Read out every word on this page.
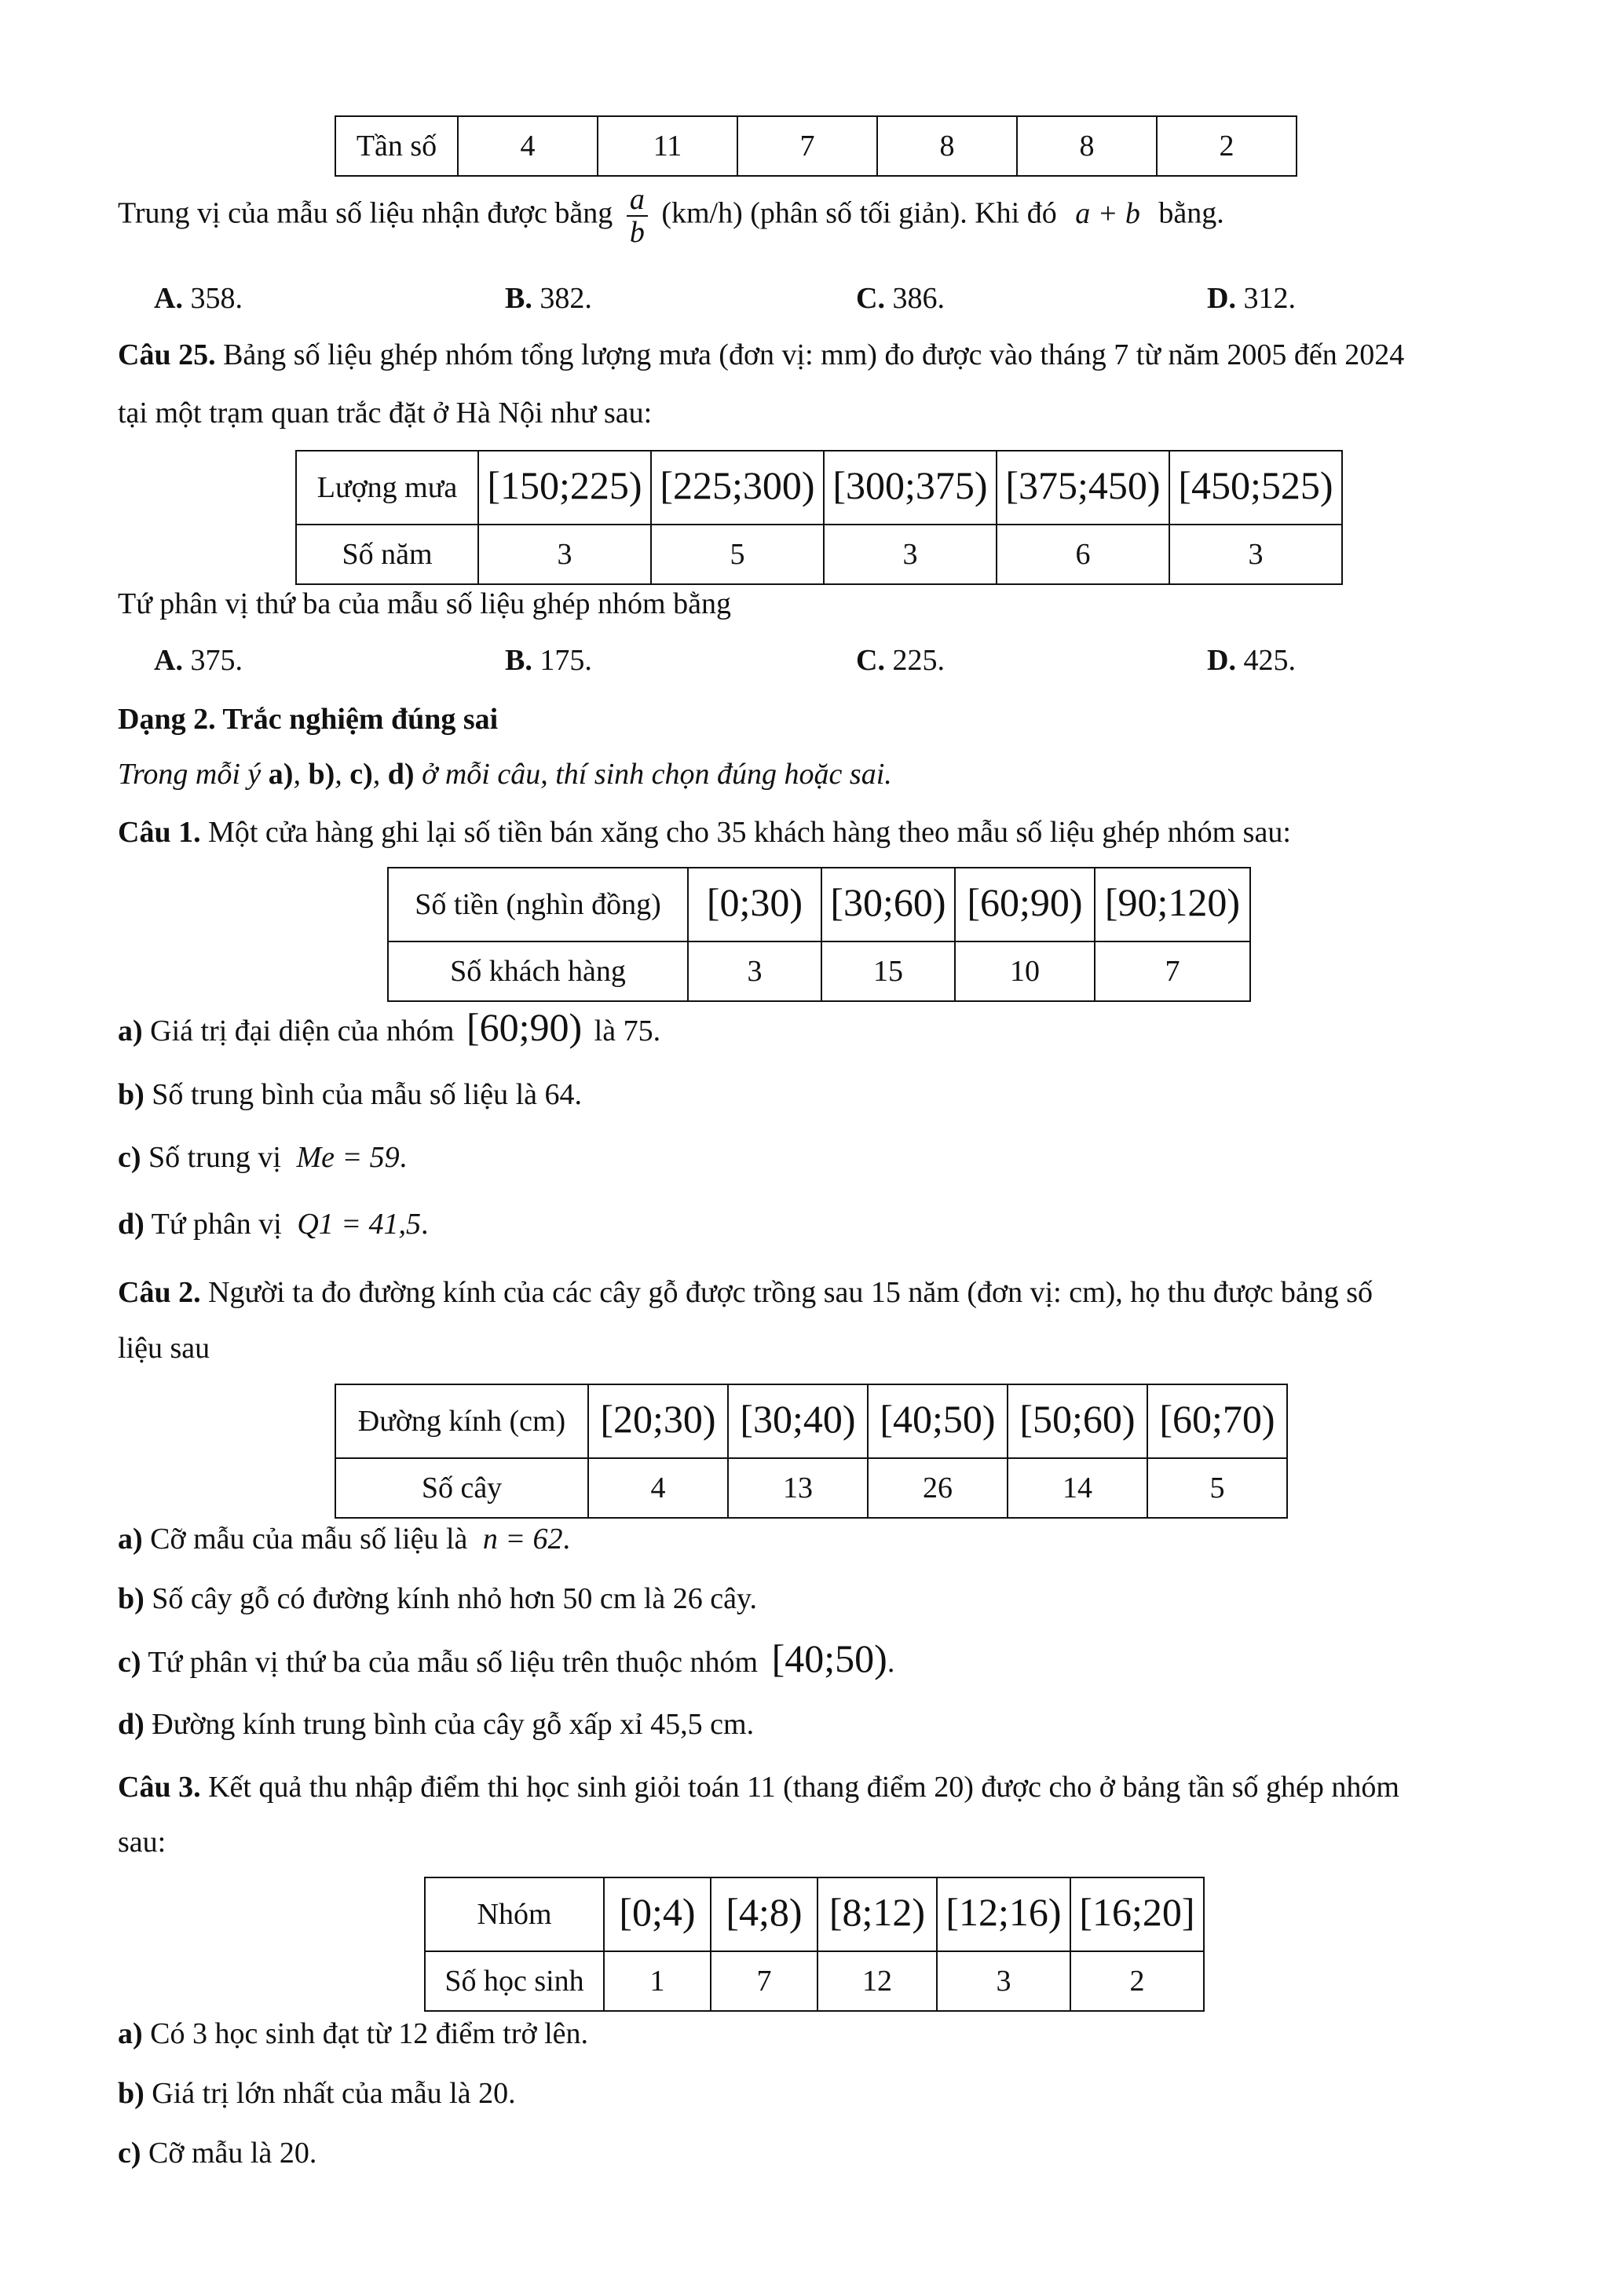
Tần số	4	11	7	8	8	2
Trung vị của mẫu số liệu nhận được bằng $\frac{a}{b} (km/h)$ (phân số tối giản). Khi đó a + b bằng.
A. 358.	B. 382.	C. 386.	D. 312.
Câu 25. Bảng số liệu ghép nhóm tổng lượng mưa (đơn vị: mm) đo được vào tháng 7 từ năm 2005 đến 2024
tại một trạm quan trắc đặt ở Hà Nội như sau:
Lượng mưa	[150;225)	[225;300)	[300;375)	[375;450)	[450;525)
Số năm	3	5	3	6	3
Tứ phân vị thứ ba của mẫu số liệu ghép nhóm bằng
A. 375.	B. 175.	C. 225.	D. 425.
Dạng 2. Trắc nghiệm đúng sai
Trong mỗi ý a), b), c), d) ở mỗi câu, thí sinh chọn đúng hoặc sai.
Câu 1. Một cửa hàng ghi lại số tiền bán xăng cho 35 khách hàng theo mẫu số liệu ghép nhóm sau:
Số tiền (nghìn đồng)	[0;30)	[30;60)	[60;90)	[90;120)
Số khách hàng	3	15	10	7
a) Giá trị đại diện của nhóm [60;90) là 75.
b) Số trung bình của mẫu số liệu là 64.
c) Số trung vị Me = 59.
d) Tứ phân vị Q1 = 41,5.
Câu 2. Người ta đo đường kính của các cây gỗ được trồng sau 15 năm (đơn vị: cm), họ thu được bảng số
liệu sau
Đường kính (cm)	[20;30)	[30;40)	[40;50)	[50;60)	[60;70)
Số cây	4	13	26	14	5
a) Cỡ mẫu của mẫu số liệu là n = 62.
b) Số cây gỗ có đường kính nhỏ hơn 50 cm là 26 cây.
c) Tứ phân vị thứ ba của mẫu số liệu trên thuộc nhóm [40;50).
d) Đường kính trung bình của cây gỗ xấp xỉ 45,5 cm.
Câu 3. Kết quả thu nhập điểm thi học sinh giỏi toán 11 (thang điểm 20) được cho ở bảng tần số ghép nhóm
sau:
Nhóm	[0;4)	[4;8)	[8;12)	[12;16)	[16;20]
Số học sinh	1	7	12	3	2
a) Có 3 học sinh đạt từ 12 điểm trở lên.
b) Giá trị lớn nhất của mẫu là 20.
c) Cỡ mẫu là 20.
